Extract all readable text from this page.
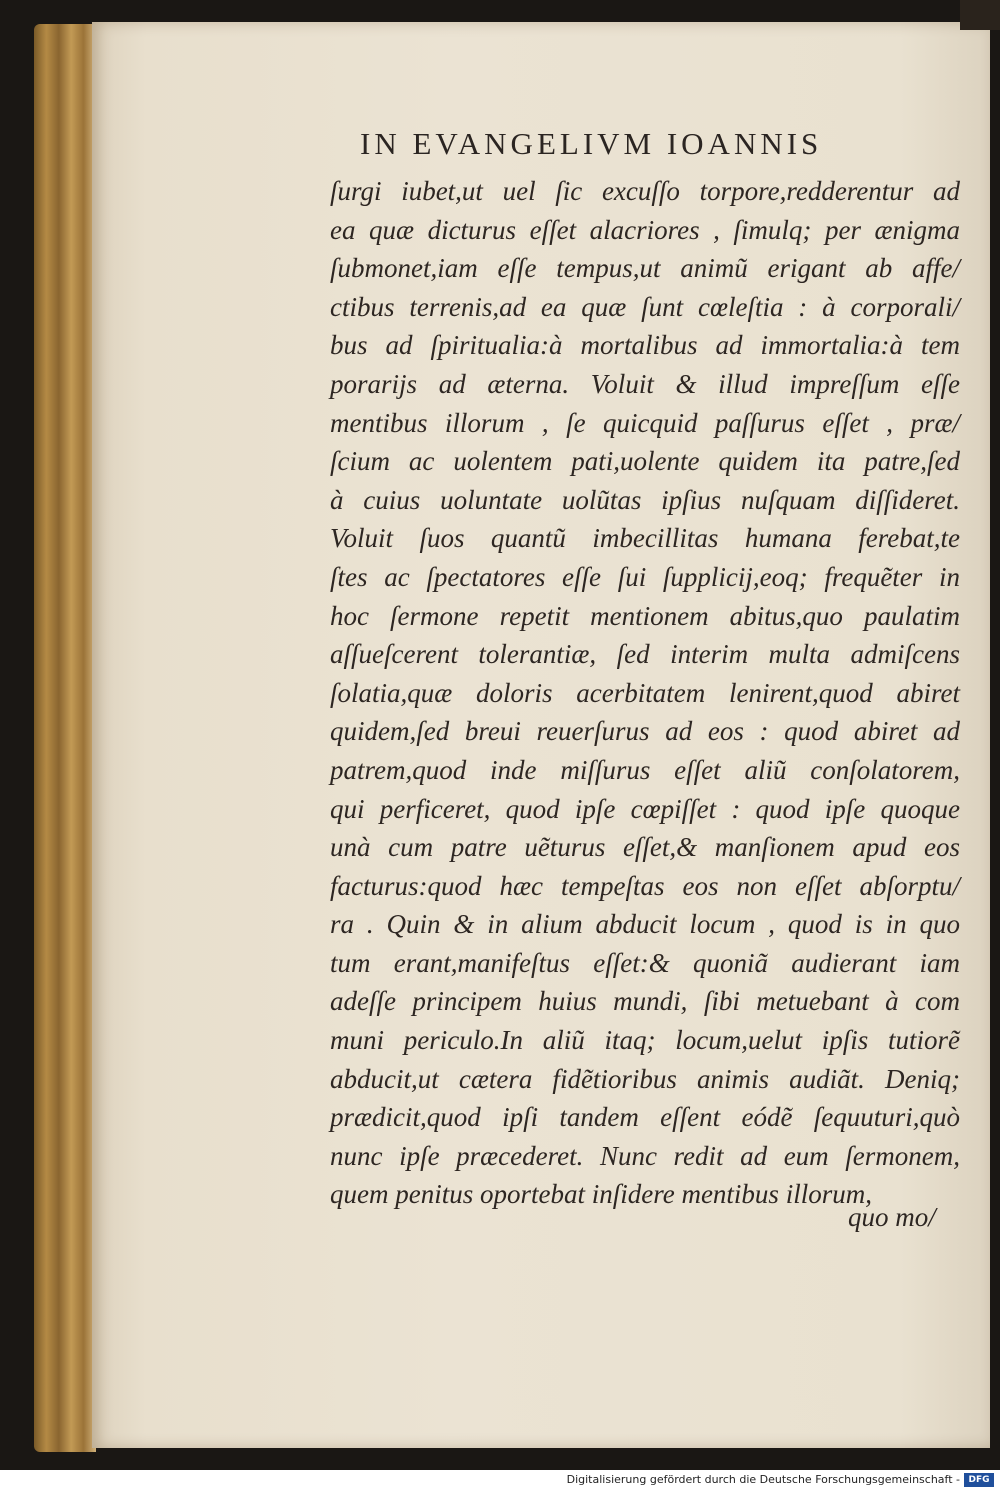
IN EVANGELIVM IOANNIS
ſurgi iubet,ut uel ſic excuſſo torpore,redderentur ad
ea quæ dicturus eſſet alacriores , ſimulq; per ænigma
ſubmonet,iam eſſe tempus,ut animũ erigant ab affe/
ctibus terrenis,ad ea quæ ſunt cœleſtia : à corporali/
bus ad ſpiritualia:à mortalibus ad immortalia:à tem
porarijs ad æterna. Voluit & illud impreſſum eſſe
mentibus illorum , ſe quicquid paſſurus eſſet , præ/
ſcium ac uolentem pati,uolente quidem ita patre,ſed
à cuius uoluntate uolũtas ipſius nuſquam diſſideret.
Voluit ſuos quantũ imbecillitas humana ferebat,te
ſtes ac ſpectatores eſſe ſui ſupplicij,eoq; frequẽter in
hoc ſermone repetit mentionem abitus,quo paulatim
aſſueſcerent tolerantiæ, ſed interim multa admiſcens
ſolatia,quæ doloris acerbitatem lenirent,quod abiret
quidem,ſed breui reuerſurus ad eos : quod abiret ad
patrem,quod inde miſſurus eſſet aliũ conſolatorem,
qui perficeret, quod ipſe cœpiſſet : quod ipſe quoque
unà cum patre uẽturus eſſet,& manſionem apud eos
facturus:quod hæc tempeſtas eos non eſſet abſorptu/
ra . Quin & in alium abducit locum , quod is in quo
tum erant,manifeſtus eſſet:& quoniã audierant iam
adeſſe principem huius mundi, ſibi metuebant à com
muni periculo.In aliũ itaq; locum,uelut ipſis tutiorẽ
abducit,ut cætera fidẽtioribus animis audiãt. Deniq;
prædicit,quod ipſi tandem eſſent eódẽ ſequuturi,quò
nunc ipſe præcederet. Nunc redit ad eum ſermonem,
quem penitus oportebat inſidere mentibus illorum,
quo mo/
Digitalisierung gefördert durch die Deutsche Forschungsgemeinschaft - DFG
